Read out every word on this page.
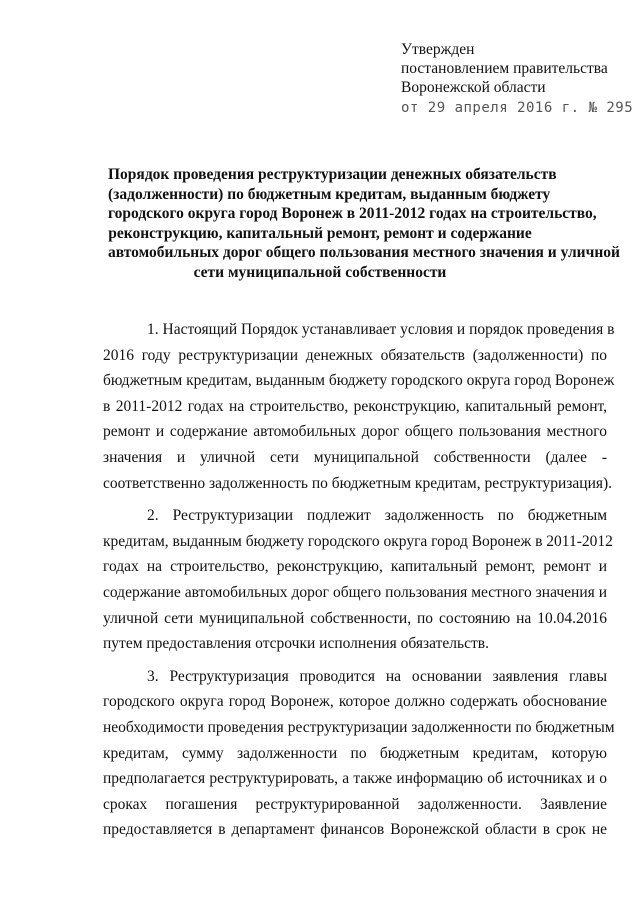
Утвержден
постановлением правительства
Воронежской области
от 29 апреля 2016 г. № 295
Порядок проведения реструктуризации денежных обязательств
(задолженности) по бюджетным кредитам, выданным бюджету
городского округа город Воронеж в 2011-2012 годах на строительство,
реконструкцию, капитальный ремонт, ремонт и содержание
автомобильных дорог общего пользования местного значения и уличной
сети муниципальной собственности
1. Настоящий Порядок устанавливает условия и порядок проведения в
2016 году реструктуризации денежных обязательств (задолженности) по
бюджетным кредитам, выданным бюджету городского округа город Воронеж
в 2011-2012 годах на строительство, реконструкцию, капитальный ремонт,
ремонт и содержание автомобильных дорог общего пользования местного
значения и уличной сети муниципальной собственности (далее -
соответственно задолженность по бюджетным кредитам, реструктуризация).
2. Реструктуризации подлежит задолженность по бюджетным
кредитам, выданным бюджету городского округа город Воронеж в 2011-2012
годах на строительство, реконструкцию, капитальный ремонт, ремонт и
содержание автомобильных дорог общего пользования местного значения и
уличной сети муниципальной собственности, по состоянию на 10.04.2016
путем предоставления отсрочки исполнения обязательств.
3. Реструктуризация проводится на основании заявления главы
городского округа город Воронеж, которое должно содержать обоснование
необходимости проведения реструктуризации задолженности по бюджетным
кредитам, сумму задолженности по бюджетным кредитам, которую
предполагается реструктурировать, а также информацию об источниках и о
сроках погашения реструктурированной задолженности. Заявление
предоставляется в департамент финансов Воронежской области в срок не
